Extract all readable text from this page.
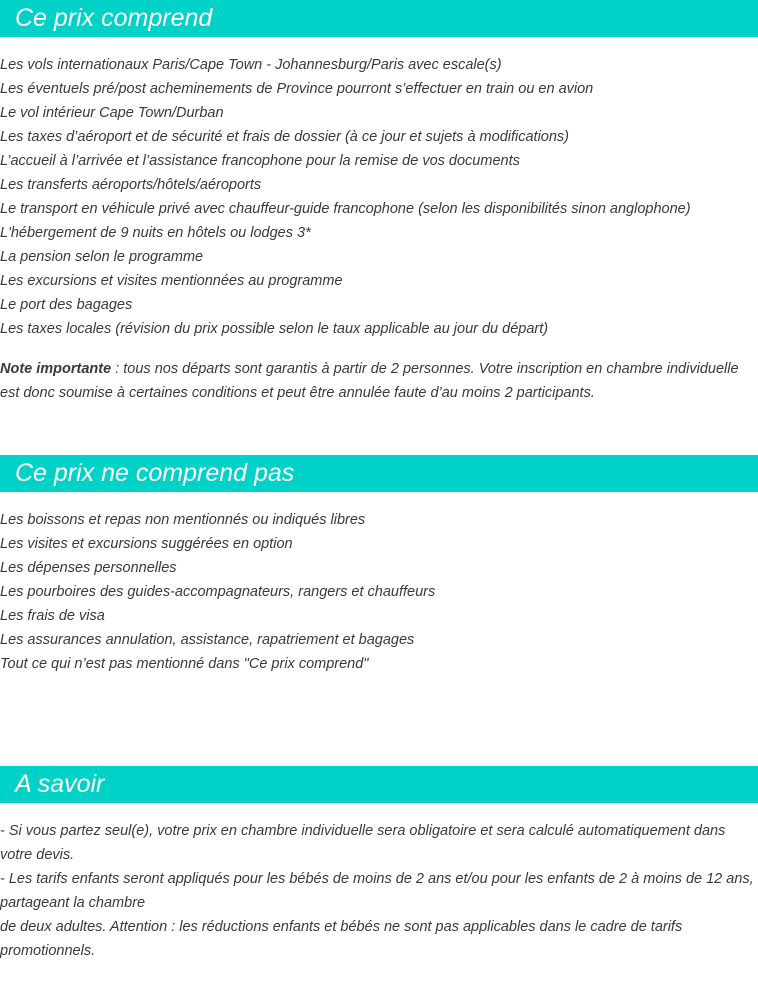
Ce prix comprend
Les vols internationaux Paris/Cape Town - Johannesburg/Paris avec escale(s)
Les éventuels pré/post acheminements de Province pourront s’effectuer en train ou en avion
Le vol intérieur Cape Town/Durban
Les taxes d’aéroport et de sécurité et frais de dossier (à ce jour et sujets à modifications)
L’accueil à l’arrivée et l’assistance francophone pour la remise de vos documents
Les transferts aéroports/hôtels/aéroports
Le transport en véhicule privé avec chauffeur-guide francophone (selon les disponibilités sinon anglophone)
L'hébergement de 9 nuits en hôtels ou lodges 3*
La pension selon le programme
Les excursions et visites mentionnées au programme
Le port des bagages
Les taxes locales (révision du prix possible selon le taux applicable au jour du départ)

Note importante : tous nos départs sont garantis à partir de 2 personnes. Votre inscription en chambre individuelle est donc soumise à certaines conditions et peut être annulée faute d’au moins 2 participants.

Ce prix ne comprend pas
Les boissons et repas non mentionnés ou indiqués libres
Les visites et excursions suggérées en option
Les dépenses personnelles
Les pourboires des guides-accompagnateurs, rangers et chauffeurs
Les frais de visa
Les assurances annulation, assistance, rapatriement et bagages
Tout ce qui n’est pas mentionné dans "Ce prix comprend"
A savoir

- Si vous partez seul(e), votre prix en chambre individuelle sera obligatoire et sera calculé automatiquement dans votre devis.

- Les tarifs enfants seront appliqués pour les bébés de moins de 2 ans et/ou pour les enfants de 2 à moins de 12 ans, partageant la chambre

de deux adultes. Attention : les réductions enfants et bébés ne sont pas applicables dans le cadre de tarifs promotionnels.
